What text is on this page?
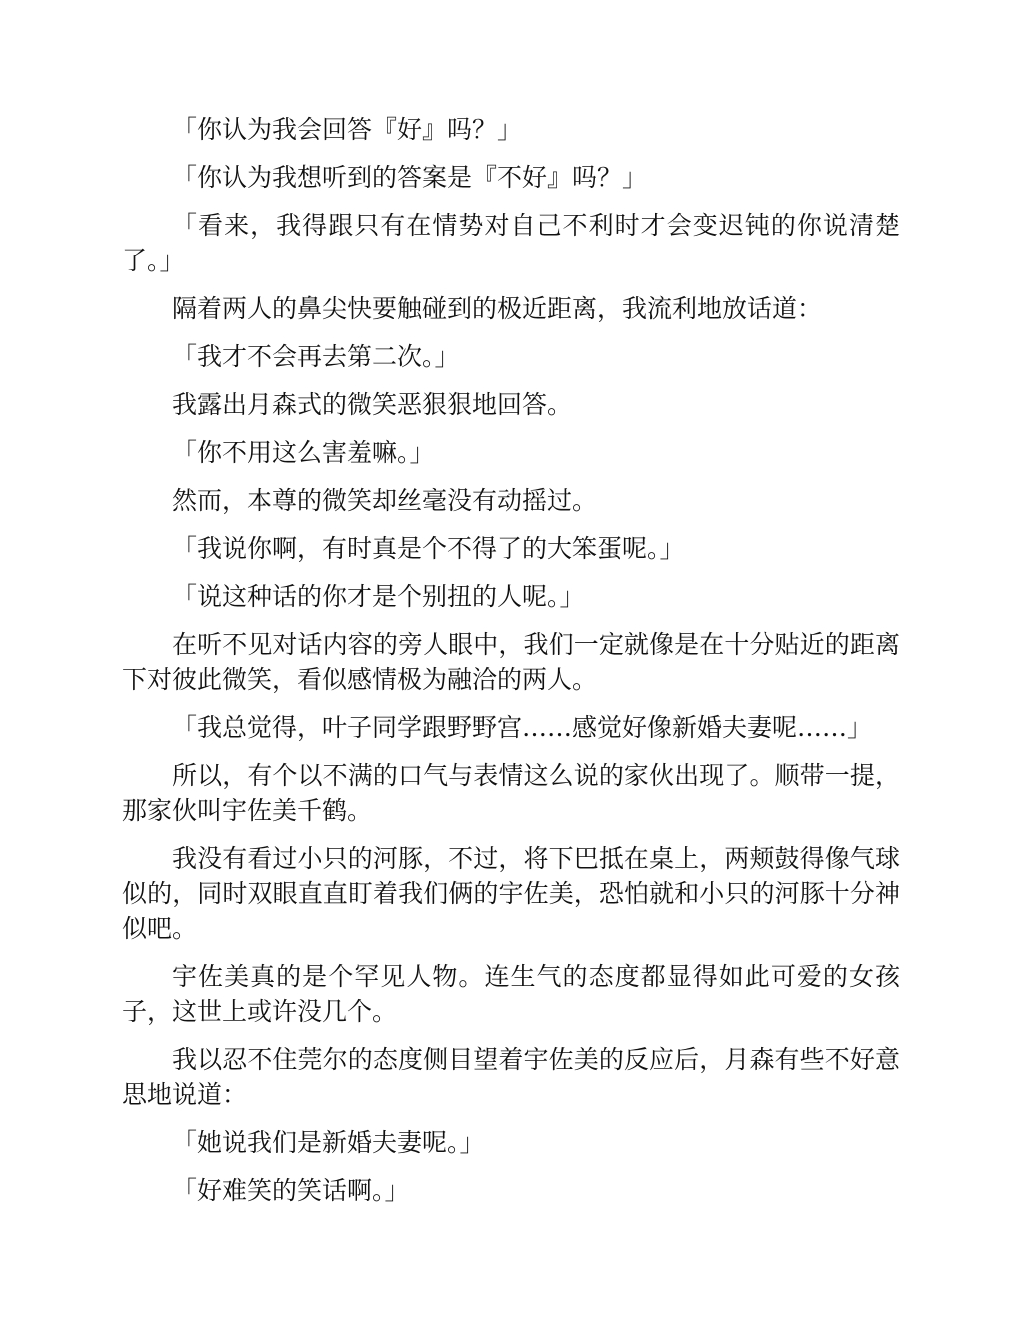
「你认为我会回答『好』吗？」

「你认为我想听到的答案是『不好』吗？」

「看来，我得跟只有在情势对自己不利时才会变迟钝的你说清楚了。」

隔着两人的鼻尖快要触碰到的极近距离，我流利地放话道：

「我才不会再去第二次。」

我露出月森式的微笑恶狠狠地回答。

「你不用这么害羞嘛。」

然而，本尊的微笑却丝毫没有动摇过。

「我说你啊，有时真是个不得了的大笨蛋呢。」

「说这种话的你才是个别扭的人呢。」

在听不见对话内容的旁人眼中，我们一定就像是在十分贴近的距离下对彼此微笑，看似感情极为融洽的两人。

「我总觉得，叶子同学跟野野宫……感觉好像新婚夫妻呢……」

所以，有个以不满的口气与表情这么说的家伙出现了。顺带一提，那家伙叫宇佐美千鹤。

我没有看过小只的河豚，不过，将下巴抵在桌上，两颊鼓得像气球似的，同时双眼直直盯着我们俩的宇佐美，恐怕就和小只的河豚十分神似吧。

宇佐美真的是个罕见人物。连生气的态度都显得如此可爱的女孩子，这世上或许没几个。

我以忍不住莞尔的态度侧目望着宇佐美的反应后，月森有些不好意思地说道：

「她说我们是新婚夫妻呢。」

「好难笑的笑话啊。」
